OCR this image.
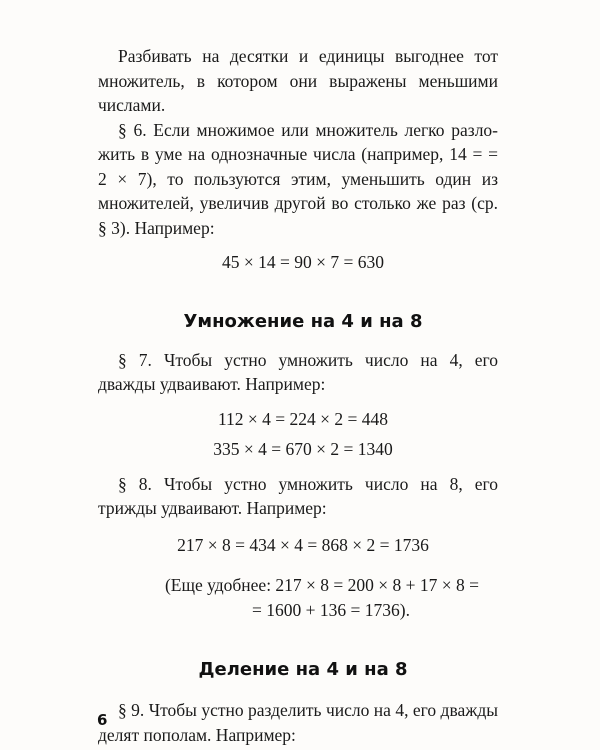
Разбивать на десятки и единицы выгоднее тот множитель, в котором они выражены меньшими числами.

§ 6. Если множимое или множитель легко разложить в уме на однозначные числа (например, 14 = = 2 × 7), то пользуются этим, уменьшить один из множителей, увеличив другой во столько же раз (ср. § 3). Например:

45 × 14 = 90 × 7 = 630

Умножение на 4 и на 8

§ 7. Чтобы устно умножить число на 4, его дважды удваивают. Например:

112 × 4 = 224 × 2 = 448

335 × 4 = 670 × 2 = 1340

§ 8. Чтобы устно умножить число на 8, его трижды удваивают. Например:

217 × 8 = 434 × 4 = 868 × 2 = 1736

(Еще удобнее: 217 × 8 = 200 × 8 + 17 × 8 =

= 1600 + 136 = 1736).

Деление на 4 и на 8

§ 9. Чтобы устно разделить число на 4, его дважды делят пополам. Например:

6
